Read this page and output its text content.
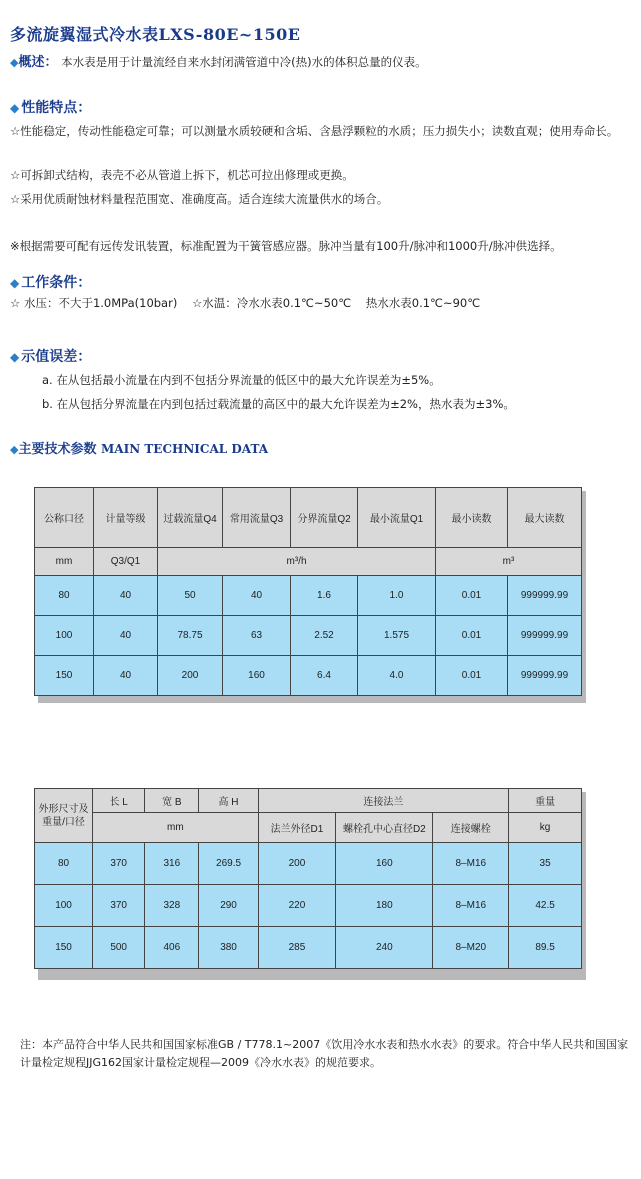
多流旋翼湿式冷水表LXS-80E~150E
◆概述： 本水表是用于计量流经自来水封闭满管道中冷(热)水的体积总量的仪表。
◆ 性能特点：
☆性能稳定，传动性能稳定可靠；可以测量水质较硬和含垢、含悬浮颗粒的水质；压力损失小；读数直观；使用寿命长。
☆可拆卸式结构，表壳不必从管道上拆下，机芯可拉出修理或更换。
☆采用优质耐蚀材料量程范围宽、准确度高。适合连续大流量供水的场合。
※根据需要可配有远传发讯装置，标准配置为干簧管感应器。脉冲当量有100升/脉冲和1000升/脉冲供选择。
◆ 工作条件：
☆ 水压：不大于1.0MPa(10bar)    ☆水温：冷水水表0.1℃~50℃    热水水表0.1℃~90℃
◆ 示值误差：
a. 在从包括最小流量在内到不包括分界流量的低区中的最大允许误差为±5%。
b. 在从包括分界流量在内到包括过载流量的高区中的最大允许误差为±2%，热水表为±3%。
◆主要技术参数 MAIN TECHNICAL DATA
公称口径	计量等级	过载流量Q4	常用流量Q3	分界流量Q2	最小流量Q1	最小读数	最大读数
mm	Q3/Q1	m³/h				m³	
80	40	50	40	1.6	1.0	0.01	999999.99
100	40	78.75	63	2.52	1.575	0.01	999999.99
150	40	200	160	6.4	4.0	0.01	999999.99
外形尺寸及重量/口径	长 L	宽 B	高 H	连接法兰			重量
	mm			法兰外径D1	螺栓孔中心直径D2	连接螺栓	kg
80	370	316	269.5	200	160	8–M16	35
100	370	328	290	220	180	8–M16	42.5
150	500	406	380	285	240	8–M20	89.5
注：本产品符合中华人民共和国国家标准GB / T778.1~2007《饮用冷水水表和热水水表》的要求。符合中华人民共和国国家计量检定规程JJG162国家计量检定规程—2009《冷水水表》的规范要求。
